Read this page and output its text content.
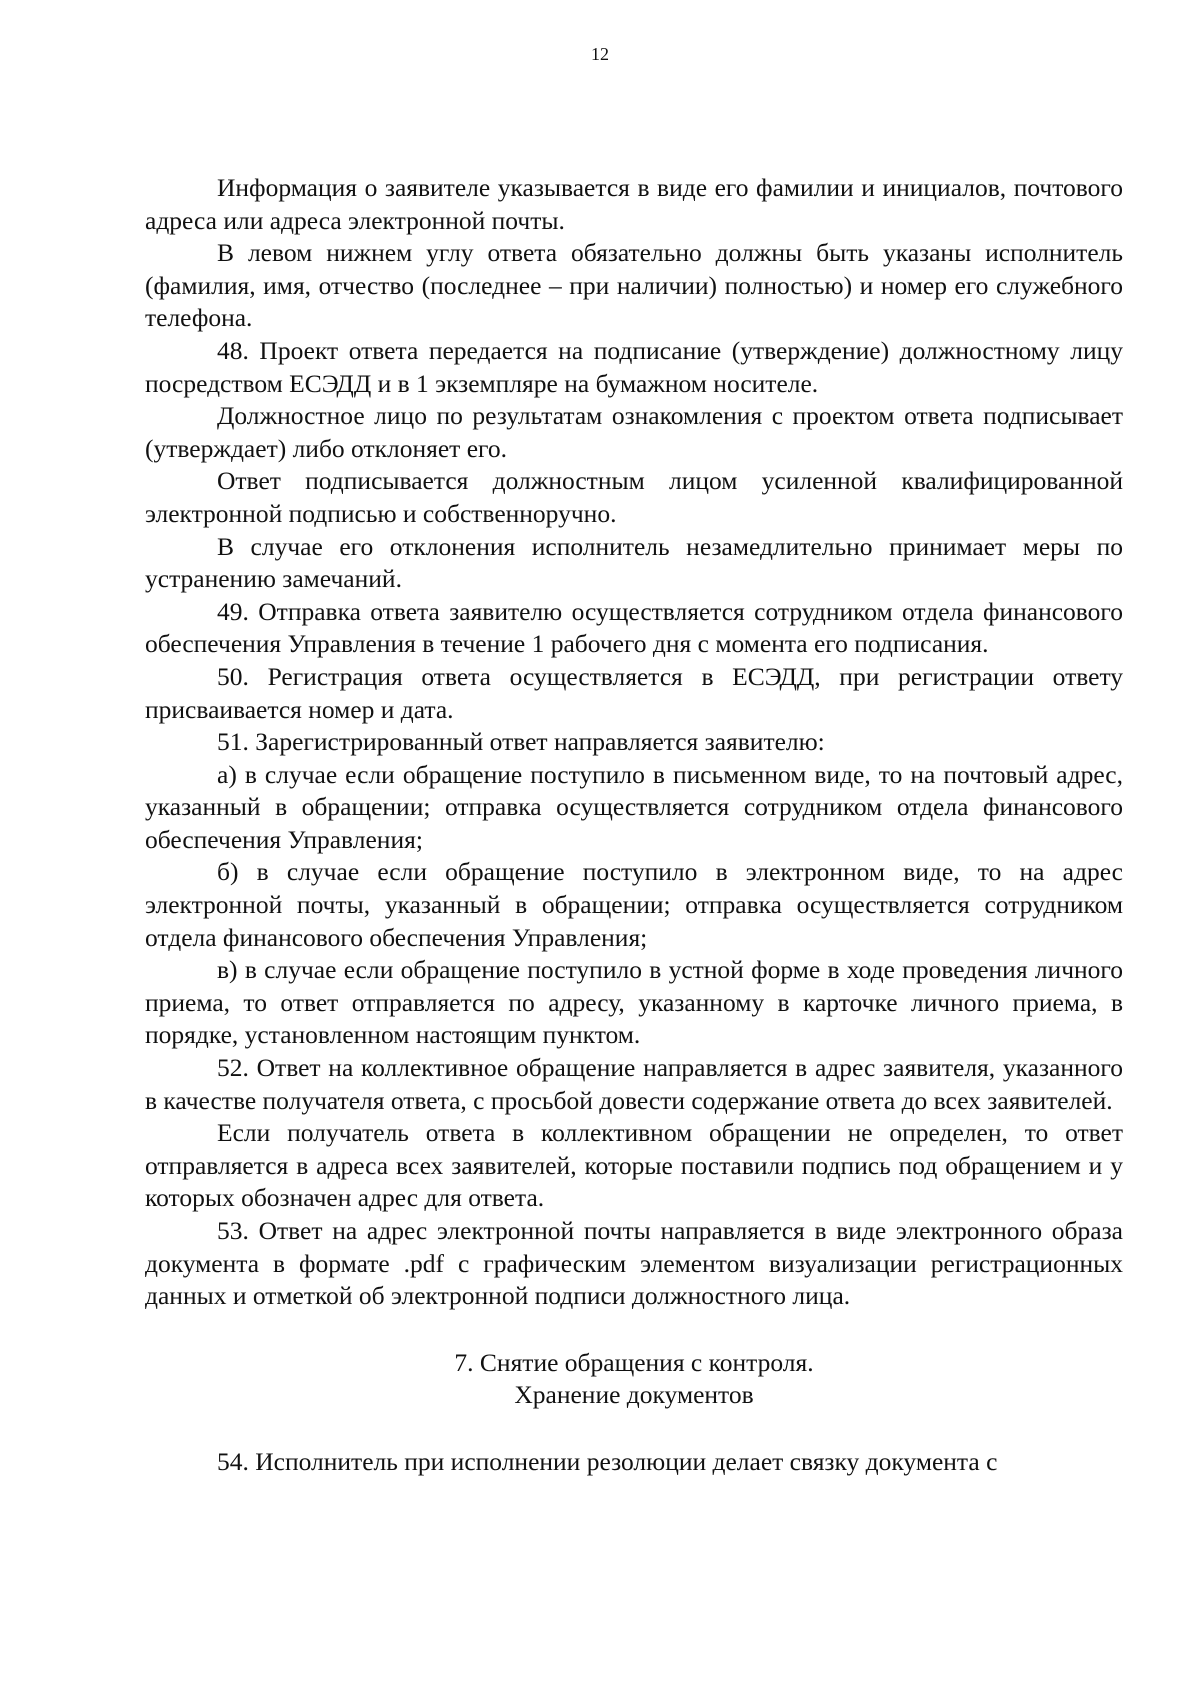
12

Информация о заявителе указывается в виде его фамилии и инициалов, почтового адреса или адреса электронной почты.

В левом нижнем углу ответа обязательно должны быть указаны исполнитель (фамилия, имя, отчество (последнее – при наличии) полностью) и номер его служебного телефона.

48. Проект ответа передается на подписание (утверждение) должностному лицу посредством ЕСЭДД и в 1 экземпляре на бумажном носителе.

Должностное лицо по результатам ознакомления с проектом ответа подписывает (утверждает) либо отклоняет его.

Ответ подписывается должностным лицом усиленной квалифицированной электронной подписью и собственноручно.

В случае его отклонения исполнитель незамедлительно принимает меры по устранению замечаний.

49. Отправка ответа заявителю осуществляется сотрудником отдела финансового обеспечения Управления в течение 1 рабочего дня с момента его подписания.

50. Регистрация ответа осуществляется в ЕСЭДД, при регистрации ответу присваивается номер и дата.

51. Зарегистрированный ответ направляется заявителю:

а) в случае если обращение поступило в письменном виде, то на почтовый адрес, указанный в обращении; отправка осуществляется сотрудником отдела финансового обеспечения Управления;

б) в случае если обращение поступило в электронном виде, то на адрес электронной почты, указанный в обращении; отправка осуществляется сотрудником отдела финансового обеспечения Управления;

в) в случае если обращение поступило в устной форме в ходе проведения личного приема, то ответ отправляется по адресу, указанному в карточке личного приема, в порядке, установленном настоящим пунктом.

52. Ответ на коллективное обращение направляется в адрес заявителя, указанного в качестве получателя ответа, с просьбой довести содержание ответа до всех заявителей.

Если получатель ответа в коллективном обращении не определен, то ответ отправляется в адреса всех заявителей, которые поставили подпись под обращением и у которых обозначен адрес для ответа.

53. Ответ на адрес электронной почты направляется в виде электронного образа документа в формате .pdf с графическим элементом визуализации регистрационных данных и отметкой об электронной подписи должностного лица.

7. Снятие обращения с контроля.
Хранение документов

54. Исполнитель при исполнении резолюции делает связку документа с
